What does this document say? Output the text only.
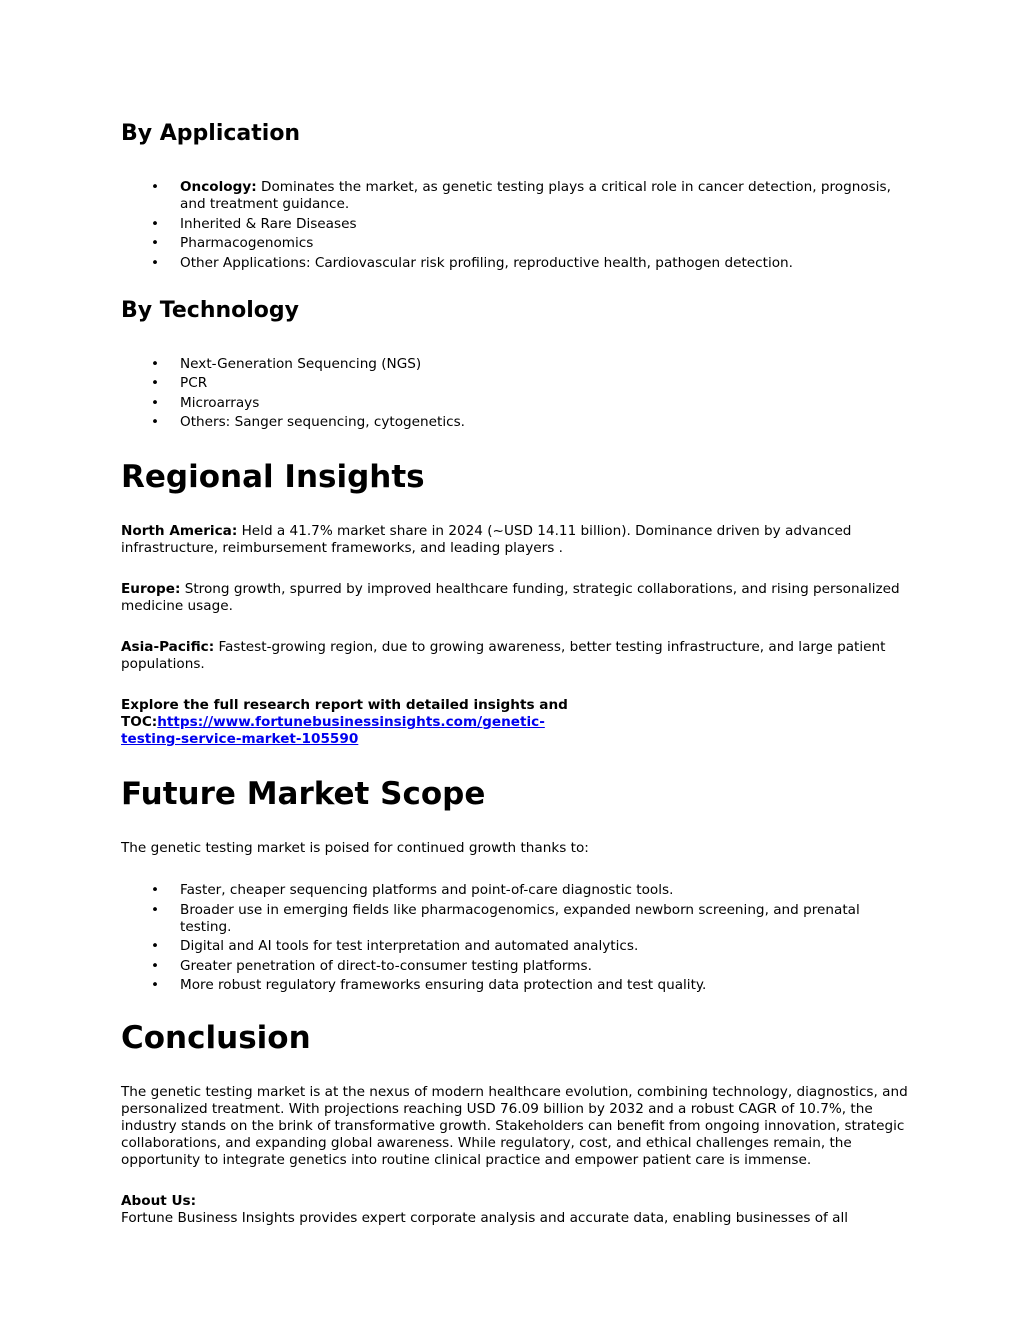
By Application
• Oncology: Dominates the market, as genetic testing plays a critical role in cancer detection, prognosis, and treatment guidance.
• Inherited & Rare Diseases
• Pharmacogenomics
• Other Applications: Cardiovascular risk profiling, reproductive health, pathogen detection.
By Technology
• Next-Generation Sequencing (NGS)
• PCR
• Microarrays
• Others: Sanger sequencing, cytogenetics.
Regional Insights

North America: Held a 41.7% market share in 2024 (~USD 14.11 billion). Dominance driven by advanced infrastructure, reimbursement frameworks, and leading players .

Europe: Strong growth, spurred by improved healthcare funding, strategic collaborations, and rising personalized medicine usage.

Asia-Pacific: Fastest-growing region, due to growing awareness, better testing infrastructure, and large patient populations.

Explore the full research report with detailed insights and TOC:https://www.fortunebusinessinsights.com/genetic-testing-service-market-105590

Future Market Scope

The genetic testing market is poised for continued growth thanks to:

• Faster, cheaper sequencing platforms and point-of-care diagnostic tools.
• Broader use in emerging fields like pharmacogenomics, expanded newborn screening, and prenatal testing.
• Digital and AI tools for test interpretation and automated analytics.
• Greater penetration of direct-to-consumer testing platforms.
• More robust regulatory frameworks ensuring data protection and test quality.
Conclusion

The genetic testing market is at the nexus of modern healthcare evolution, combining technology, diagnostics, and personalized treatment. With projections reaching USD 76.09 billion by 2032 and a robust CAGR of 10.7%, the industry stands on the brink of transformative growth. Stakeholders can benefit from ongoing innovation, strategic collaborations, and expanding global awareness. While regulatory, cost, and ethical challenges remain, the opportunity to integrate genetics into routine clinical practice and empower patient care is immense.

About Us:

Fortune Business Insights provides expert corporate analysis and accurate data, enabling businesses of all
